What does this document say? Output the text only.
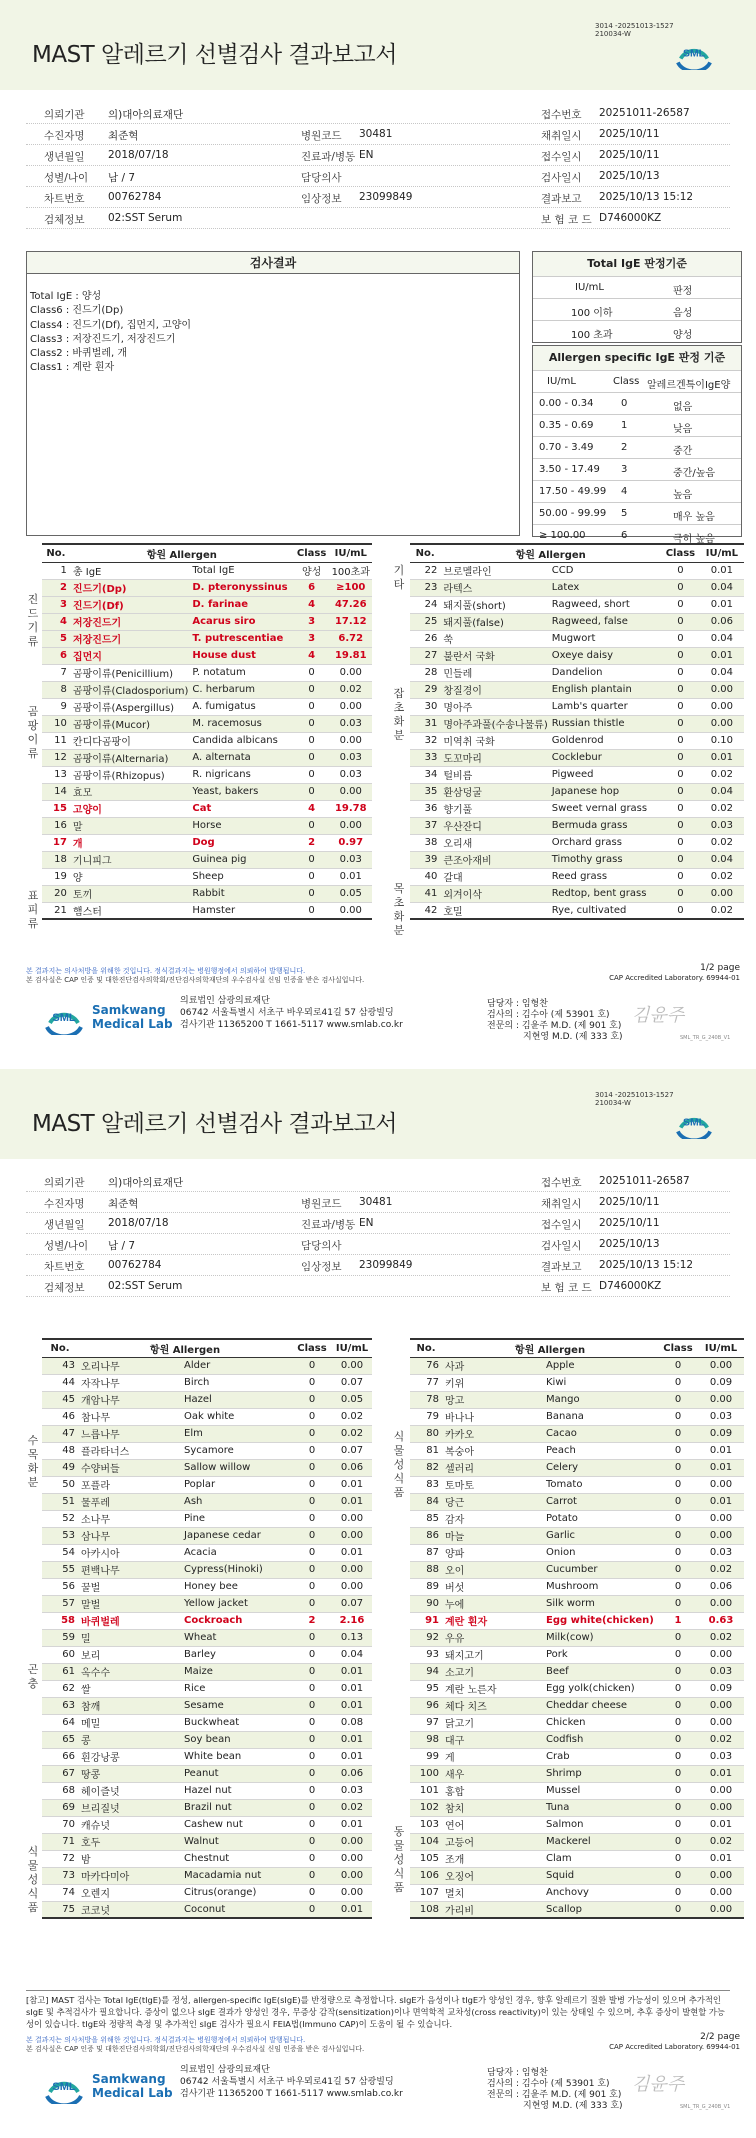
MAST 알레르기 선별검사 결과보고서
3014 -20251013-1527
210034-W
SML
의뢰기관 의)대아의료재단	접수번호 20251011-26587
수진자명 최준혁	병원코드 30481	채취일시 2025/10/11
생년월일 2018/07/18	진료과/병동 EN	접수일시 2025/10/11
성별/나이 남 / 7	담당의사	검사일시 2025/10/13
차트번호 00762784	임상정보 23099849	결과보고 2025/10/13 15:12
검체정보 02:SST Serum	보 험 코 드 D746000KZ
검사결과
Total IgE : 양성
Class6 : 진드기(Dp)
Class4 : 진드기(Df), 집먼지, 고양이
Class3 : 저장진드기, 저장진드기
Class2 : 바퀴벌레, 개
Class1 : 계란 흰자
Total IgE 판정기준
IU/mL	판정
100 이하	음성
100 초과	양성
Allergen specific IgE 판정 기준
IU/mL	Class 알레르겐특이IgE양
0.00 - 0.34	0	없음
0.35 - 0.69	1	낮음
0.70 - 3.49	2	중간
3.50 - 17.49 3	중간/높음
17.50 - 49.99 4	높음
50.00 - 99.99 5	매우 높음
≥ 100.00	6	극히 높음
진드기류
곰팡이류
표피류
No.	항원 Allergen		Class	IU/mL
1	총 IgE	Total IgE	양성	100초과
2	진드기(Dp)	D. pteronyssinus	6	≥100
3	진드기(Df)	D. farinae	4	47.26
4	저장진드기	Acarus siro	3	17.12
5	저장진드기	T. putrescentiae	3	6.72
6	집먼지	House dust	4	19.81
7	곰팡이류(Penicillium)	P. notatum	0	0.00
8	곰팡이류(Cladosporium)	C. herbarum	0	0.02
9	곰팡이류(Aspergillus)	A. fumigatus	0	0.00
10	곰팡이류(Mucor)	M. racemosus	0	0.03
11	칸디다곰팡이	Candida albicans	0	0.00
12	곰팡이류(Alternaria)	A. alternata	0	0.03
13	곰팡이류(Rhizopus)	R. nigricans	0	0.03
14	효모	Yeast, bakers	0	0.00
15	고양이	Cat	4	19.78
16	말	Horse	0	0.00
17	개	Dog	2	0.97
18	기니피그	Guinea pig	0	0.03
19	양	Sheep	0	0.01
20	토끼	Rabbit	0	0.05
21	햄스터	Hamster	0	0.00
기타
잡초화분
목초화분
No.	항원 Allergen		Class	IU/mL
22	브로멜라인	CCD	0	0.01
23	라텍스	Latex	0	0.04
24	돼지풀(short)	Ragweed, short	0	0.01
25	돼지풀(false)	Ragweed, false	0	0.06
26	쑥	Mugwort	0	0.04
27	불란서 국화	Oxeye daisy	0	0.01
28	민들레	Dandelion	0	0.04
29	창질경이	English plantain	0	0.00
30	명아주	Lamb's quarter	0	0.00
31	명아주과풀(수송나물류)	Russian thistle	0	0.00
32	미역취 국화	Goldenrod	0	0.10
33	도꼬마리	Cocklebur	0	0.01
34	털비름	Pigweed	0	0.02
35	환삼덩굴	Japanese hop	0	0.04
36	향기풀	Sweet vernal grass	0	0.02
37	우산잔디	Bermuda grass	0	0.03
38	오리새	Orchard grass	0	0.02
39	큰조아재비	Timothy grass	0	0.04
40	갈대	Reed grass	0	0.02
41	외겨이삭	Redtop, bent grass	0	0.00
42	호밀	Rye, cultivated	0	0.02
본 결과지는 의사처방을 위해한 것입니다. 정식결과지는 병원행정에서 의뢰하여 발행됩니다.
본 검사실은 CAP 인증 및 대한진단검사의학회/진단검사의학재단의 우수검사실 신임 인증을 받은 검사실입니다.
1/2 page
CAP Accredited Laboratory. 69944-01
SML
Samkwang
Medical Lab
의료법인 삼광의료재단
06742 서울특별시 서초구 바우뫼로41길 57 삼광빌딩
검사기관 11365200 T 1661-5117 www.smlab.co.kr
담당자 : 임형찬
검사의 : 김수아 (제 53901 호)
전문의 : 김윤주 M.D. (제 901 호)
지현영 M.D. (제 333 호)
김윤주
SML_TR_G_240B_V1
MAST 알레르기 선별검사 결과보고서
3014 -20251013-1527
210034-W
SML
의뢰기관 의)대아의료재단	접수번호 20251011-26587
수진자명 최준혁	병원코드 30481	채취일시 2025/10/11
생년월일 2018/07/18	진료과/병동 EN	접수일시 2025/10/11
성별/나이 남 / 7	담당의사	검사일시 2025/10/13
차트번호 00762784	임상정보 23099849	결과보고 2025/10/13 15:12
검체정보 02:SST Serum	보 험 코 드 D746000KZ
수목화분
곤충
식물성식품
No.	항원 Allergen		Class	IU/mL
43	오리나무	Alder	0	0.00
44	자작나무	Birch	0	0.07
45	개암나무	Hazel	0	0.05
46	참나무	Oak white	0	0.02
47	느릅나무	Elm	0	0.02
48	플라타너스	Sycamore	0	0.07
49	수양버들	Sallow willow	0	0.06
50	포플라	Poplar	0	0.01
51	물푸레	Ash	0	0.01
52	소나무	Pine	0	0.00
53	삼나무	Japanese cedar	0	0.00
54	아카시아	Acacia	0	0.01
55	편백나무	Cypress(Hinoki)	0	0.00
56	꿀벌	Honey bee	0	0.00
57	말벌	Yellow jacket	0	0.07
58	바퀴벌레	Cockroach	2	2.16
59	밀	Wheat	0	0.13
60	보리	Barley	0	0.04
61	옥수수	Maize	0	0.01
62	쌀	Rice	0	0.01
63	참깨	Sesame	0	0.01
64	메밀	Buckwheat	0	0.08
65	콩	Soy bean	0	0.01
66	흰강낭콩	White bean	0	0.01
67	땅콩	Peanut	0	0.06
68	헤이즐넛	Hazel nut	0	0.03
69	브리질넛	Brazil nut	0	0.02
70	캐슈넛	Cashew nut	0	0.01
71	호두	Walnut	0	0.00
72	밤	Chestnut	0	0.00
73	마카다미아	Macadamia nut	0	0.00
74	오렌지	Citrus(orange)	0	0.00
75	코코넛	Coconut	0	0.01
식물성식품
동물성식품
No.	항원 Allergen		Class	IU/mL
76	사과	Apple	0	0.00
77	키위	Kiwi	0	0.09
78	망고	Mango	0	0.00
79	바나나	Banana	0	0.03
80	카카오	Cacao	0	0.09
81	복숭아	Peach	0	0.01
82	셀러리	Celery	0	0.01
83	토마토	Tomato	0	0.00
84	당근	Carrot	0	0.01
85	감자	Potato	0	0.00
86	마늘	Garlic	0	0.00
87	양파	Onion	0	0.03
88	오이	Cucumber	0	0.02
89	버섯	Mushroom	0	0.06
90	누에	Silk worm	0	0.00
91	계란 흰자	Egg white(chicken)	1	0.63
92	우유	Milk(cow)	0	0.02
93	돼지고기	Pork	0	0.00
94	소고기	Beef	0	0.03
95	계란 노른자	Egg yolk(chicken)	0	0.09
96	체다 치즈	Cheddar cheese	0	0.00
97	닭고기	Chicken	0	0.00
98	대구	Codfish	0	0.02
99	게	Crab	0	0.03
100	새우	Shrimp	0	0.01
101	홍합	Mussel	0	0.00
102	참치	Tuna	0	0.00
103	연어	Salmon	0	0.01
104	고등어	Mackerel	0	0.02
105	조개	Clam	0	0.01
106	오징어	Squid	0	0.00
107	멸치	Anchovy	0	0.00
108	가리비	Scallop	0	0.00
[참고] MAST 검사는 Total IgE(tIgE)를 정성, allergen-specific IgE(sIgE)를 반정량으로 측정합니다. sIgE가 음성이나 tIgE가 양성인 경우, 향후 알레르기 질환 발병 가능성이 있으며 추가적인 sIgE 및 추적검사가 필요합니다. 증상이 없으나 sIgE 결과가 양성인 경우, 무증상 감작(sensitization)이나 면역학적 교차성(cross reactivity)이 있는 상태일 수 있으며, 추후 증상이 발현할 가능성이 있습니다. tIgE와 정량적 측정 및 추가적인 sIgE 검사가 필요시 FEIA법(Immuno CAP)이 도움이 될 수 있습니다.
본 결과지는 의사처방을 위해한 것입니다. 정식결과지는 병원행정에서 의뢰하여 발행됩니다.
본 검사실은 CAP 인증 및 대한진단검사의학회/진단검사의학재단의 우수검사실 신임 인증을 받은 검사실입니다.
2/2 page
CAP Accredited Laboratory. 69944-01
SML
Samkwang
Medical Lab
의료법인 삼광의료재단
06742 서울특별시 서초구 바우뫼로41길 57 삼광빌딩
검사기관 11365200 T 1661-5117 www.smlab.co.kr
담당자 : 임형찬
검사의 : 김수아 (제 53901 호)
전문의 : 김윤주 M.D. (제 901 호)
지현영 M.D. (제 333 호)
김윤주
SML_TR_G_240B_V1
